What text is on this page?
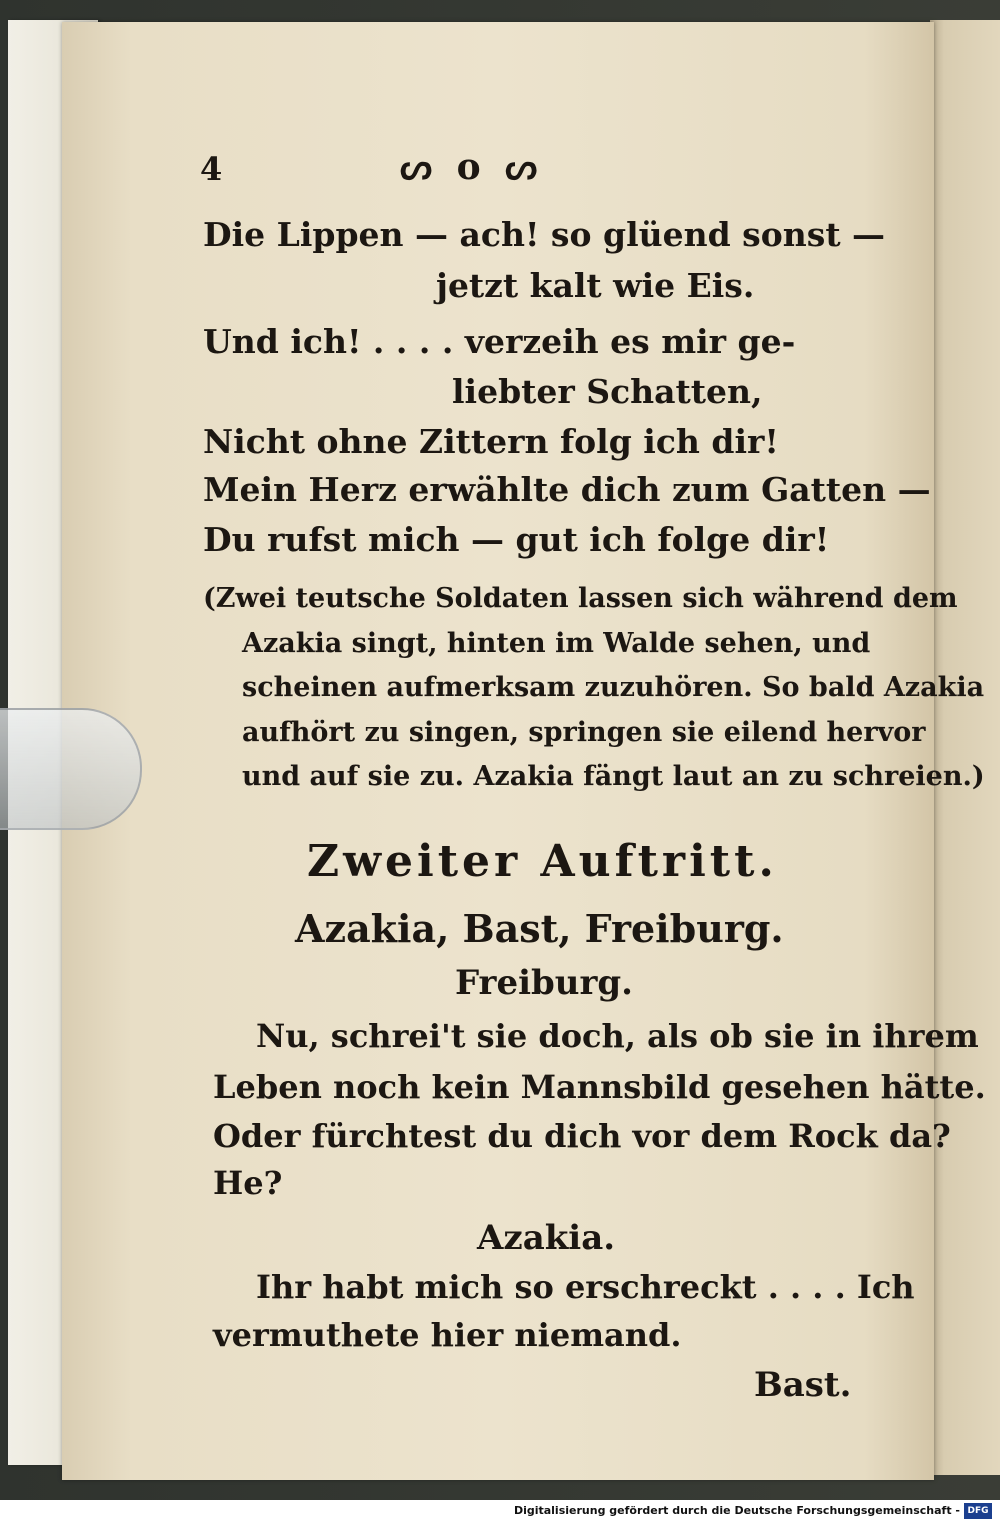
4	ᔕ ᴏ ᔕ

Die Lippen — ach! so glüend sonst —

jetzt kalt wie Eis.

Und ich! . . . . verzeih es mir ge-

liebter Schatten,

Nicht ohne Zittern folg ich dir!

Mein Herz erwählte dich zum Gatten —

Du rufst mich — gut ich folge dir!

(Zwei teutsche Soldaten lassen sich während dem

Azakia singt, hinten im Walde sehen, und

scheinen aufmerksam zuzuhören. So bald Azakia

aufhört zu singen, springen sie eilend hervor

und auf sie zu. Azakia fängt laut an zu schreien.)

Zweiter Auftritt.

Azakia, Bast, Freiburg.

Freiburg.

Nu, schrei't sie doch, als ob sie in ihrem

Leben noch kein Mannsbild gesehen hätte.

Oder fürchtest du dich vor dem Rock da?

He?

Azakia.

Ihr habt mich so erschreckt . . . . Ich

vermuthete hier niemand.

Bast.

Digitalisierung gefördert durch die Deutsche Forschungsgemeinschaft - DFG
